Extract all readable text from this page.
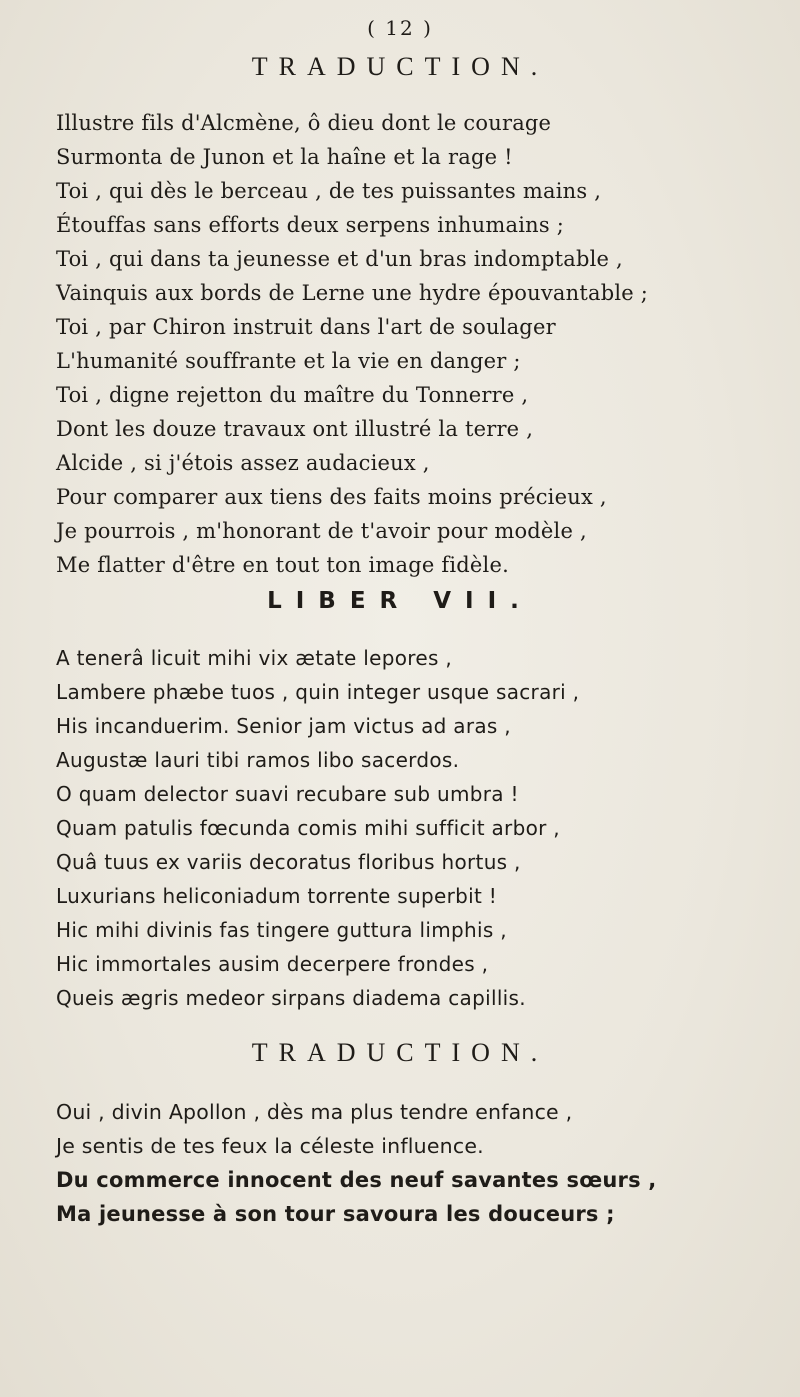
( 12 )
TRADUCTION.
Illustre fils d'Alcmène, ô dieu dont le courage
Surmonta de Junon et la haîne et la rage !
Toi , qui dès le berceau , de tes puissantes mains ,
Étouffas sans efforts deux serpens inhumains ;
Toi , qui dans ta jeunesse et d'un bras indomptable ,
Vainquis aux bords de Lerne une hydre épouvantable ;
Toi , par Chiron instruit dans l'art de soulager
L'humanité souffrante et la vie en danger ;
Toi , digne rejetton du maître du Tonnerre ,
Dont les douze travaux ont illustré la terre ,
Alcide , si j'étois assez audacieux ,
Pour comparer aux tiens des faits moins précieux ,
Je pourrois , m'honorant de t'avoir pour modèle ,
Me flatter d'être en tout ton image fidèle.
LIBER VII.
A tenerâ licuit mihi vix ætate lepores ,
Lambere phæbe tuos , quin integer usque sacrari ,
His incanduerim. Senior jam victus ad aras ,
Augustæ lauri tibi ramos libo sacerdos.
O quam delector suavi recubare sub umbra !
Quam patulis fœcunda comis mihi sufficit arbor ,
Quâ tuus ex variis decoratus floribus hortus ,
Luxurians heliconiadum torrente superbit !
Hic mihi divinis fas tingere guttura limphis ,
Hic immortales ausim decerpere frondes ,
Queis ægris medeor sirpans diadema capillis.
TRADUCTION.
Oui , divin Apollon , dès ma plus tendre enfance ,
Je sentis de tes feux la céleste influence.
Du commerce innocent des neuf savantes sœurs ,
Ma jeunesse à son tour savoura les douceurs ;
